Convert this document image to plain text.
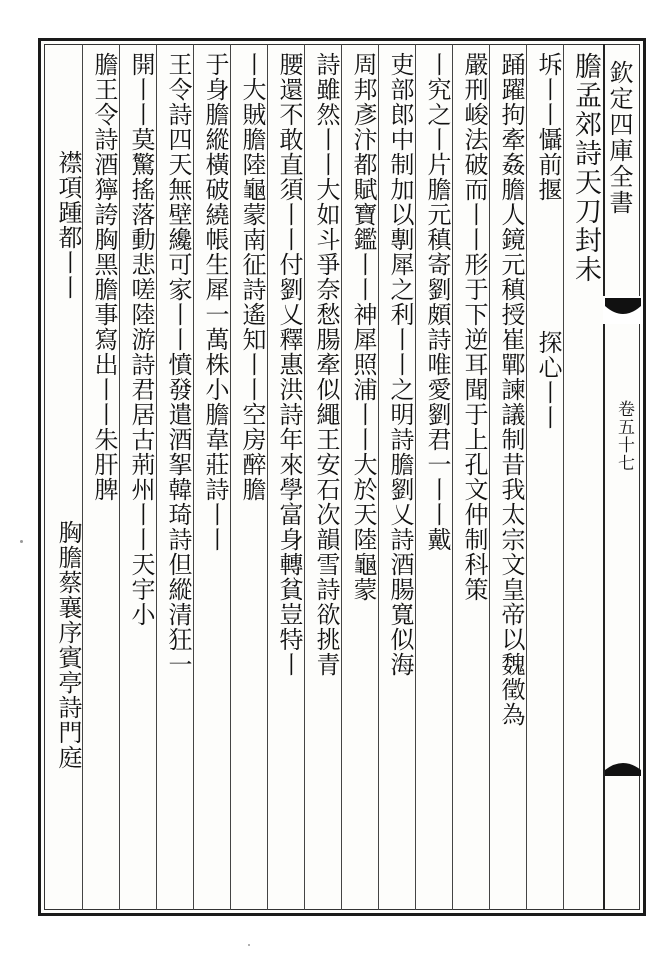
欽定四庫全書
卷五十七
膽孟郊詩天刀封未
坼丨丨懾前揠
踊躍拘牽姦膽人鏡元稹授崔鄲諫議制昔我太宗文皇帝以魏徵為
嚴刑峻法破而丨丨形于下逆耳聞于上孔文仲制科策
丨究之丨片膽元稹寄劉頗詩唯愛劉君一丨丨戴
吏部郎中制加以剸犀之利丨丨之明詩膽劉乂詩酒腸寬似海
周邦彥汴都賦寶鑑丨丨神犀照浦丨丨大於天陸龜蒙
詩雖然丨丨大如斗爭奈愁腸牽似繩王安石次韻雪詩欲挑青
腰還不敢直須丨丨付劉乂釋惠洪詩年來學富身轉貧豈特丨
丨大賊膽陸龜蒙南征詩遙知丨丨空房醉膽
于身膽縱橫破繞帳生犀一萬株小膽韋莊詩丨丨
王令詩四天無壁纔可家丨丨憤發遣酒挐韓琦詩但縱清狂一
開丨丨莫驚搖落動悲嗟陸游詩君居古荊州丨丨天宇小
膽王令詩酒獰誇胸黑膽事寫出丨丨朱肝脾
襟項踵都丨丨
探心丨丨
胸膽蔡襄序賓亭詩門庭
